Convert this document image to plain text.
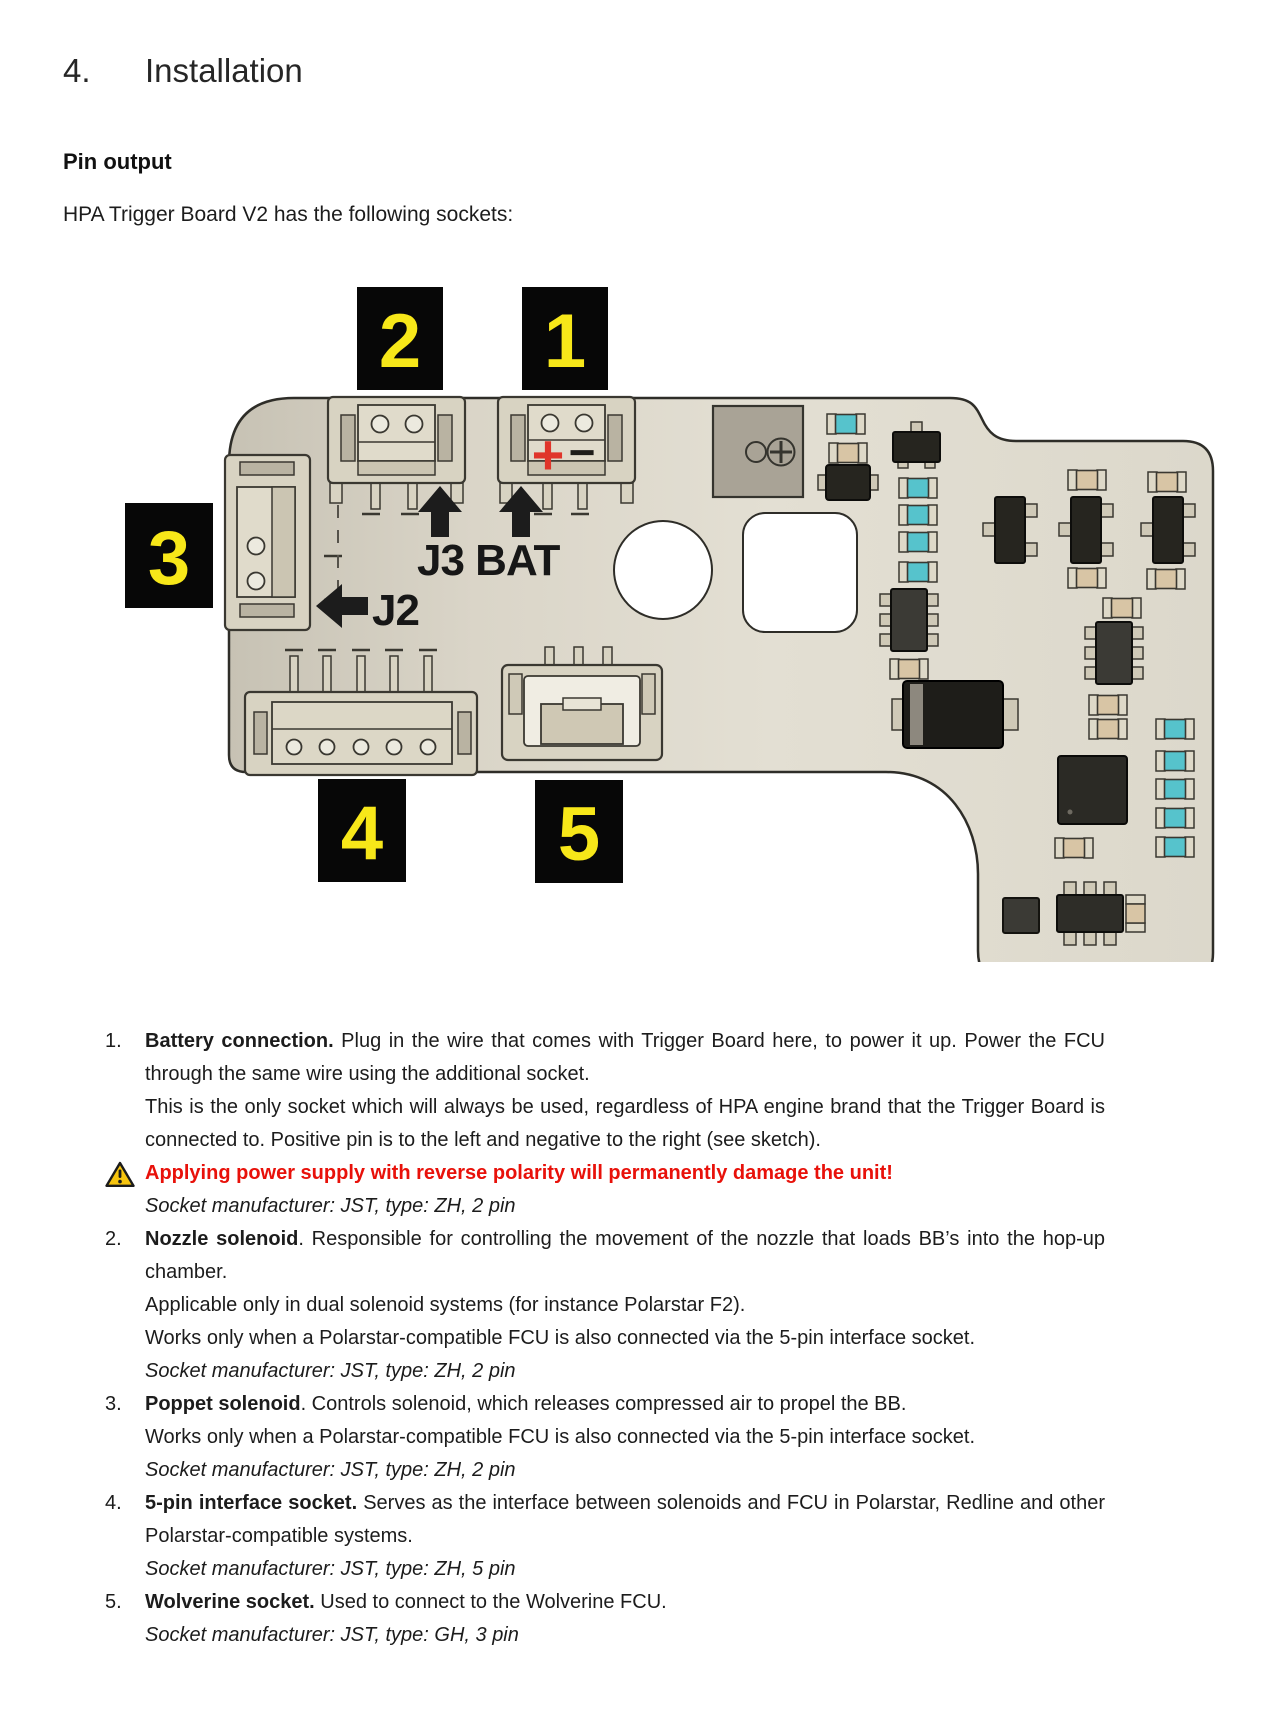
4. Installation
Pin output
HPA Trigger Board V2 has the following sockets:
+ −
J3 BAT
J2
2 1
3
4 5
1.	Battery connection. Plug in the wire that comes with Trigger Board here, to power it up. Power the FCU through the same wire using the additional socket.

This is the only socket which will always be used, regardless of HPA engine brand that the Trigger Board is connected to. Positive pin is to the left and negative to the right (see sketch).

Applying power supply with reverse polarity will permanently damage the unit!

Socket manufacturer: JST, type: ZH, 2 pin

2.	Nozzle solenoid. Responsible for controlling the movement of the nozzle that loads BB’s into the hop-up chamber.

Applicable only in dual solenoid systems (for instance Polarstar F2).

Works only when a Polarstar-compatible FCU is also connected via the 5-pin interface socket.

Socket manufacturer: JST, type: ZH, 2 pin

3.	Poppet solenoid. Controls solenoid, which releases compressed air to propel the BB.

Works only when a Polarstar-compatible FCU is also connected via the 5-pin interface socket.

Socket manufacturer: JST, type: ZH, 2 pin

4.	5-pin interface socket. Serves as the interface between solenoids and FCU in Polarstar, Redline and other Polarstar-compatible systems.

Socket manufacturer: JST, type: ZH, 5 pin

5.	Wolverine socket. Used to connect to the Wolverine FCU.

Socket manufacturer: JST, type: GH, 3 pin
